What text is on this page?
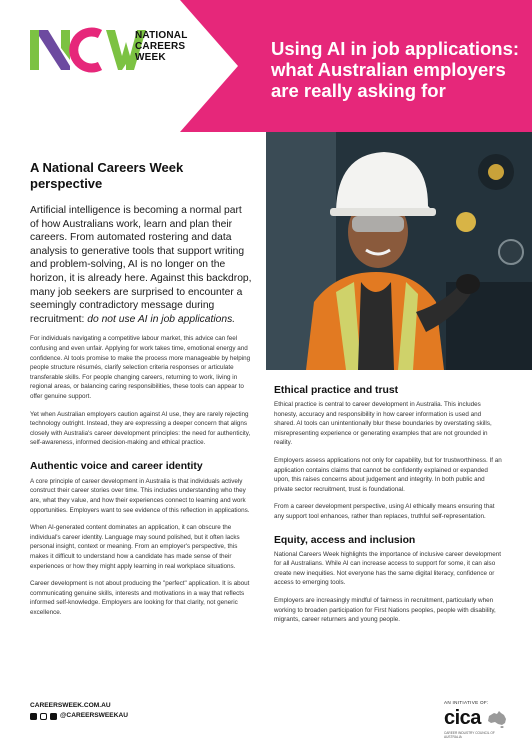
NATIONAL
CAREERS
WEEK	Using AI in job applications: what Australian employers are really asking for
A National Careers Week perspective

Artificial intelligence is becoming a normal part of how Australians work, learn and plan their careers. From automated rostering and data analysis to generative tools that support writing and problem-solving, AI is no longer on the horizon, it is already here. Against this backdrop, many job seekers are surprised to encounter a seemingly contradictory message during recruitment: do not use AI in job applications.

For individuals navigating a competitive labour market, this advice can feel confusing and even unfair. Applying for work takes time, emotional energy and confidence. AI tools promise to make the process more manageable by helping people structure résumés, clarify selection criteria responses or articulate transferable skills. For people changing careers, returning to work, living in regional areas, or balancing caring responsibilities, these tools can appear to offer genuine support.

Yet when Australian employers caution against AI use, they are rarely rejecting technology outright. Instead, they are expressing a deeper concern that aligns closely with Australia's career development principles: the need for authenticity, self-awareness, informed decision-making and ethical practice.

Authentic voice and career identity

A core principle of career development in Australia is that individuals actively construct their career stories over time. This includes understanding who they are, what they value, and how their experiences connect to learning and work opportunities. Employers want to see evidence of this reflection in applications.

When AI-generated content dominates an application, it can obscure the individual's career identity. Language may sound polished, but it often lacks personal insight, context or meaning. From an employer's perspective, this makes it difficult to understand how a candidate has made sense of their experiences or how they might apply learning in real workplace situations.

Career development is not about producing the "perfect" application. It is about communicating genuine skills, interests and motivations in a way that reflects informed self-knowledge. Employers are looking for that clarity, not generic excellence.

Ethical practice and trust

Ethical practice is central to career development in Australia. This includes honesty, accuracy and responsibility in how career information is used and shared. AI tools can unintentionally blur these boundaries by overstating skills, misrepresenting experience or generating examples that are not grounded in reality.

Employers assess applications not only for capability, but for trustworthiness. If an application contains claims that cannot be confidently explained or expanded upon, this raises concerns about judgement and integrity. In both public and private sector recruitment, trust is foundational.

From a career development perspective, using AI ethically means ensuring that any support tool enhances, rather than replaces, truthful self-representation.

Equity, access and inclusion

National Careers Week highlights the importance of inclusive career development for all Australians. While AI can increase access to support for some, it can also create new inequities. Not everyone has the same digital literacy, confidence or access to emerging tools.

Employers are increasingly mindful of fairness in recruitment, particularly when working to broaden participation for First Nations peoples, people with disability, migrants, career returners and young people.

CAREERSWEEK.COM.AU
@CAREERSWEEKAU
AN INITIATIVE OF:
cica
CAREER INDUSTRY COUNCIL OF AUSTRALIA
